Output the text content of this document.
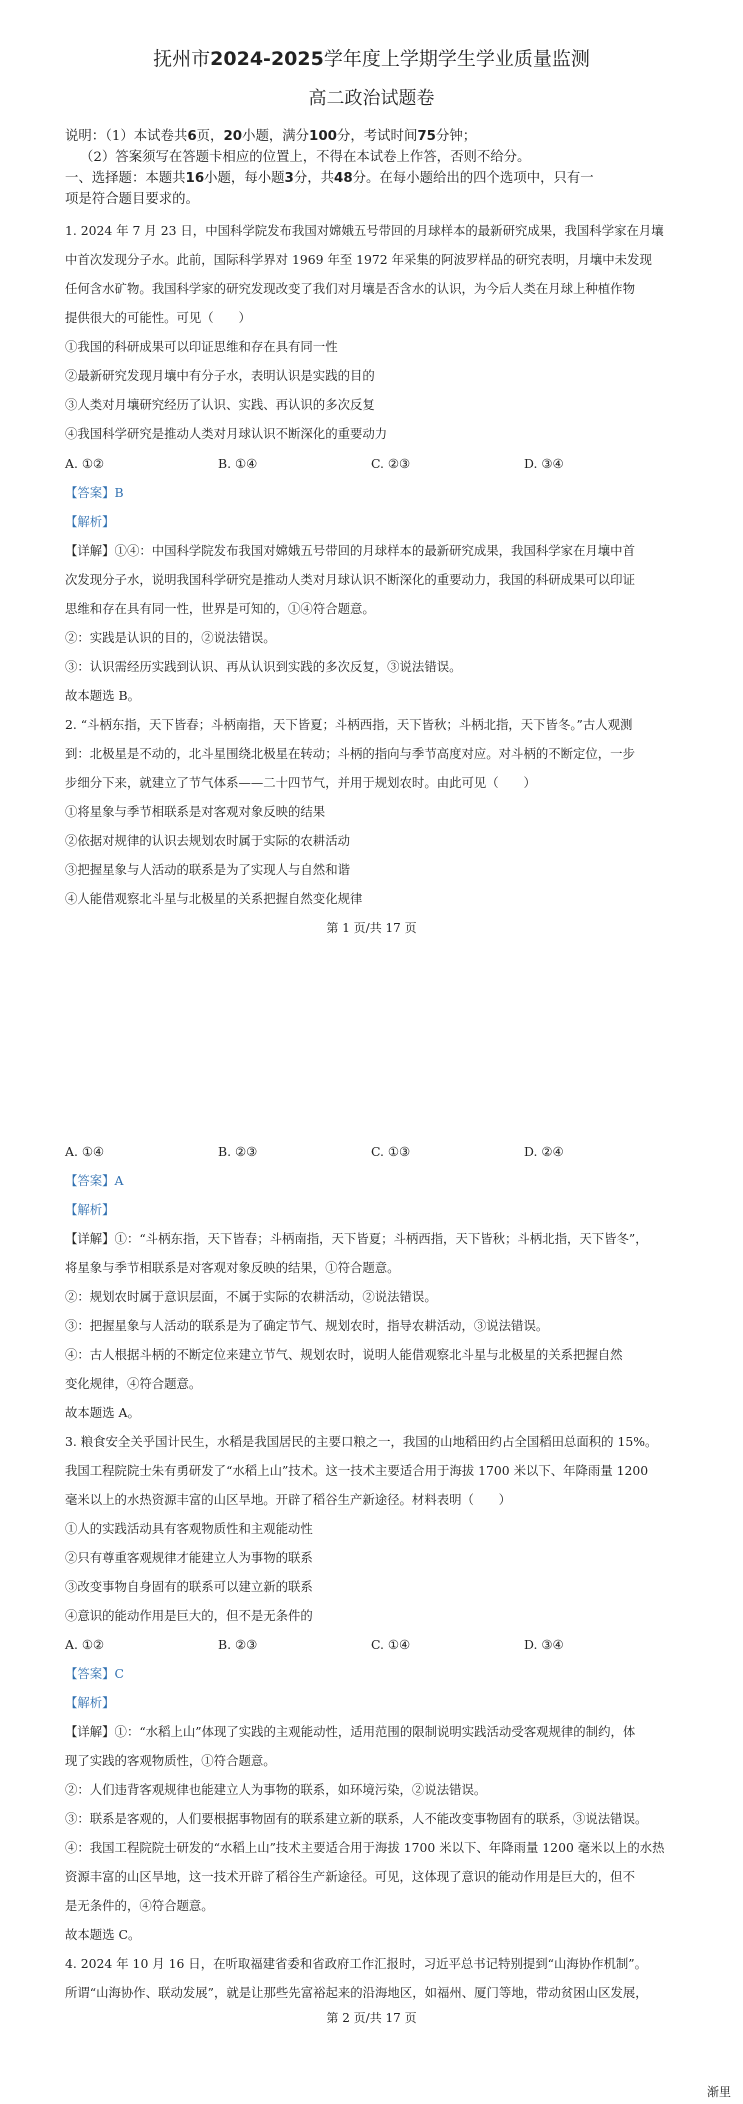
抚州市2024-2025学年度上学期学生学业质量监测
高二政治试题卷
说明：（1）本试卷共6页，20小题，满分100分，考试时间75分钟；
（2）答案须写在答题卡相应的位置上，不得在本试卷上作答，否则不给分。
一、选择题：本题共16小题，每小题3分，共48分。在每小题给出的四个选项中，只有一
项是符合题目要求的。
1. 2024 年 7 月 23 日，中国科学院发布我国对嫦娥五号带回的月球样本的最新研究成果，我国科学家在月壤
中首次发现分子水。此前，国际科学界对 1969 年至 1972 年采集的阿波罗样品的研究表明，月壤中未发现
任何含水矿物。我国科学家的研究发现改变了我们对月壤是否含水的认识，为今后人类在月球上种植作物
提供很大的可能性。可见（　　）
①我国的科研成果可以印证思维和存在具有同一性
②最新研究发现月壤中有分子水，表明认识是实践的目的
③人类对月壤研究经历了认识、实践、再认识的多次反复
④我国科学研究是推动人类对月球认识不断深化的重要动力
A. ①②	B. ①④	C. ②③	D. ③④
【答案】B
【解析】
【详解】①④：中国科学院发布我国对嫦娥五号带回的月球样本的最新研究成果，我国科学家在月壤中首
次发现分子水，说明我国科学研究是推动人类对月球认识不断深化的重要动力，我国的科研成果可以印证
思维和存在具有同一性，世界是可知的，①④符合题意。
②：实践是认识的目的，②说法错误。
③：认识需经历实践到认识、再从认识到实践的多次反复，③说法错误。
故本题选 B。
2. “斗柄东指，天下皆春；斗柄南指，天下皆夏；斗柄西指，天下皆秋；斗柄北指，天下皆冬。”古人观测
到：北极星是不动的，北斗星围绕北极星在转动；斗柄的指向与季节高度对应。对斗柄的不断定位，一步
步细分下来，就建立了节气体系——二十四节气，并用于规划农时。由此可见（　　）
①将星象与季节相联系是对客观对象反映的结果
②依据对规律的认识去规划农时属于实际的农耕活动
③把握星象与人活动的联系是为了实现人与自然和谐
④人能借观察北斗星与北极星的关系把握自然变化规律
第 1 页/共 17 页
A. ①④	B. ②③	C. ①③	D. ②④
【答案】A
【解析】
【详解】①：“斗柄东指，天下皆春；斗柄南指，天下皆夏；斗柄西指，天下皆秋；斗柄北指，天下皆冬”，
将星象与季节相联系是对客观对象反映的结果，①符合题意。
②：规划农时属于意识层面，不属于实际的农耕活动，②说法错误。
③：把握星象与人活动的联系是为了确定节气、规划农时，指导农耕活动，③说法错误。
④：古人根据斗柄的不断定位来建立节气、规划农时，说明人能借观察北斗星与北极星的关系把握自然
变化规律，④符合题意。
故本题选 A。
3. 粮食安全关乎国计民生，水稻是我国居民的主要口粮之一，我国的山地稻田约占全国稻田总面积的 15%。
我国工程院院士朱有勇研发了“水稻上山”技术。这一技术主要适合用于海拔 1700 米以下、年降雨量 1200
毫米以上的水热资源丰富的山区旱地。开辟了稻谷生产新途径。材料表明（　　）
①人的实践活动具有客观物质性和主观能动性
②只有尊重客观规律才能建立人为事物的联系
③改变事物自身固有的联系可以建立新的联系
④意识的能动作用是巨大的，但不是无条件的
A. ①②	B. ②③	C. ①④	D. ③④
【答案】C
【解析】
【详解】①：“水稻上山”体现了实践的主观能动性，适用范围的限制说明实践活动受客观规律的制约，体
现了实践的客观物质性，①符合题意。
②：人们违背客观规律也能建立人为事物的联系，如环境污染，②说法错误。
③：联系是客观的，人们要根据事物固有的联系建立新的联系，人不能改变事物固有的联系，③说法错误。
④：我国工程院院士研发的“水稻上山”技术主要适合用于海拔 1700 米以下、年降雨量 1200 毫米以上的水热
资源丰富的山区旱地，这一技术开辟了稻谷生产新途径。可见，这体现了意识的能动作用是巨大的，但不
是无条件的，④符合题意。
故本题选 C。
4. 2024 年 10 月 16 日，在听取福建省委和省政府工作汇报时，习近平总书记特别提到“山海协作机制”。
所谓“山海协作、联动发展”，就是让那些先富裕起来的沿海地区，如福州、厦门等地，带动贫困山区发展，
第 2 页/共 17 页
渐里
